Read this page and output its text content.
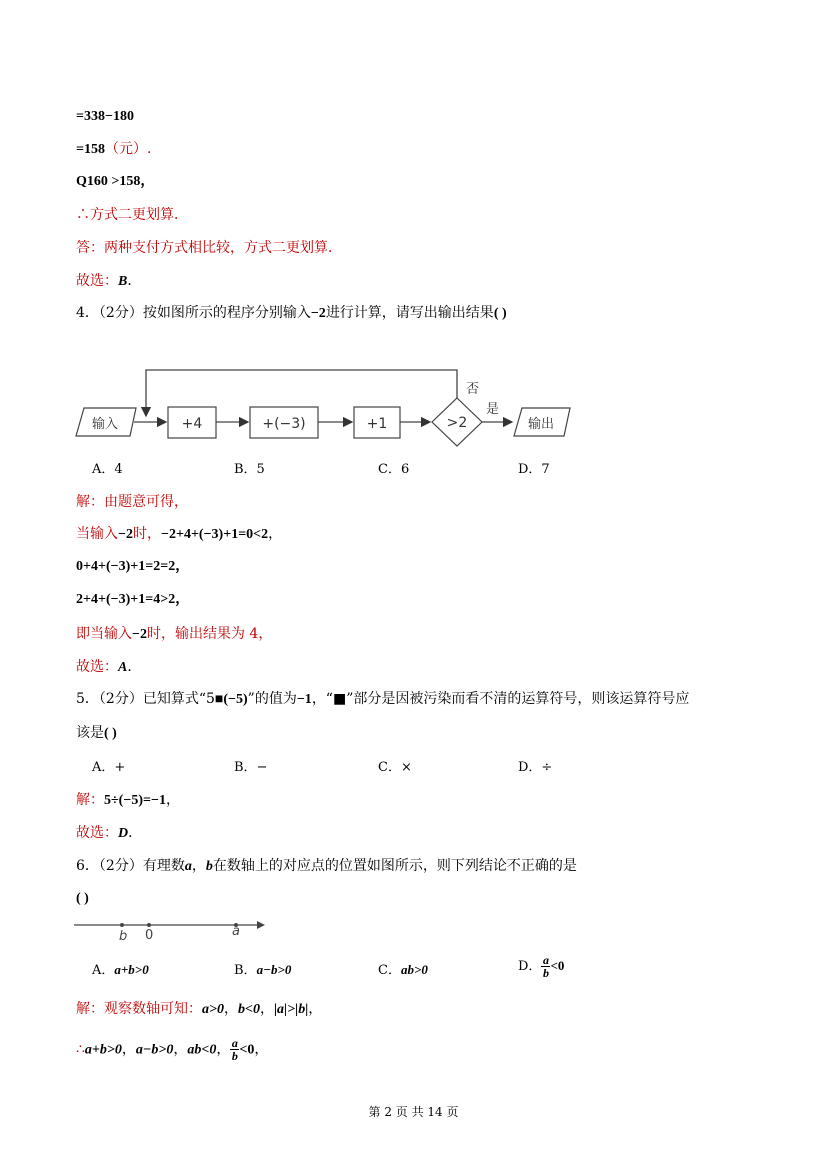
=338−180
=158（元）.
Q160 >158，
∴方式二更划算．
答：两种支付方式相比较，方式二更划算．
故选：B．
4．（2分）按如图所示的程序分别输入−2进行计算，请写出输出结果( )
输入	+4	+(−3)	+1	>2
否
是
输出
A．4	B．5	C．6	D．7
解：由题意可得，
当输入−2时，−2+4+(−3)+1=0<2，
0+4+(−3)+1=2=2，
2+4+(−3)+1=4>2，
即当输入−2时，输出结果为 4，
故选：A．
5．（2分）已知算式“5■(−5)”的值为−1，“■”部分是因被污染而看不清的运算符号，则该运算符号应
该是( )
A．+	B．−	C．×	D．÷
解：5÷(−5)=−1，
故选：D．
6．（2分）有理数a，b在数轴上的对应点的位置如图所示，则下列结论不正确的是
( )
b 0	a
A．a+b>0	B．a−b>0	C．ab>0	D． $\frac{a}{b} <0$
解：观察数轴可知：a>0，b<0，|a|>|b|，
∴a+b>0，a−b>0，ab<0， $\frac{a}{b} <0$，
第 2 页 共 14 页
